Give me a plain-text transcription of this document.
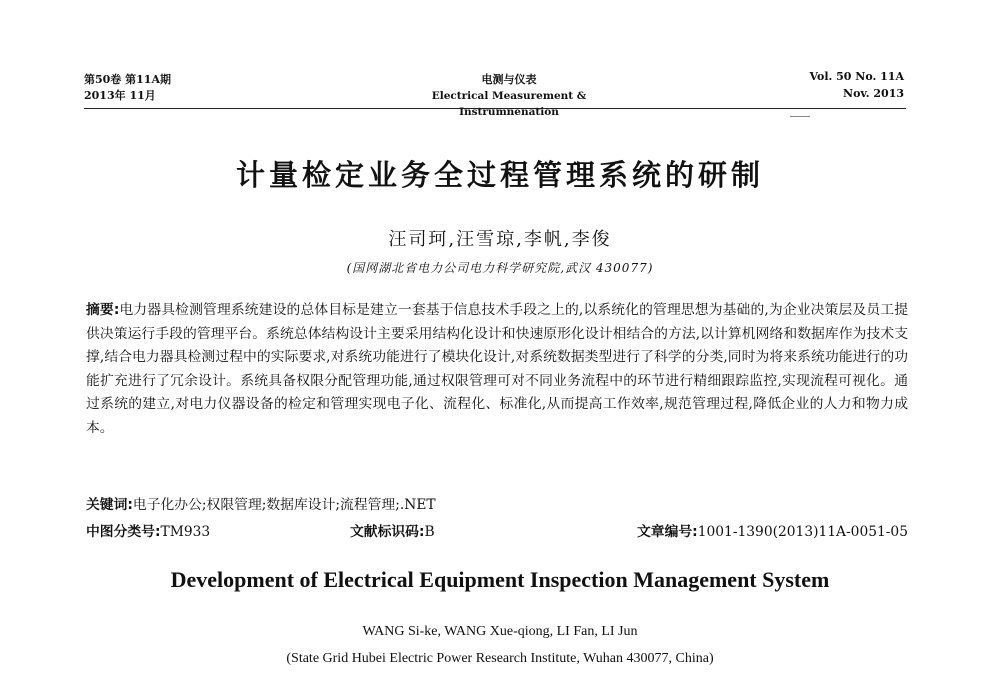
第50卷 第11A期
2013年 11月
电测与仪表
Electrical Measurement & Instrumnenation
Vol. 50 No. 11A
Nov. 2013
计量检定业务全过程管理系统的研制
汪司珂,汪雪琼,李帆,李俊
(国网湖北省电力公司电力科学研究院,武汉 430077)

摘要:电力器具检测管理系统建设的总体目标是建立一套基于信息技术手段之上的,以系统化的管理思想为基础的,为企业决策层及员工提供决策运行手段的管理平台。系统总体结构设计主要采用结构化设计和快速原形化设计相结合的方法,以计算机网络和数据库作为技术支撑,结合电力器具检测过程中的实际要求,对系统功能进行了模块化设计,对系统数据类型进行了科学的分类,同时为将来系统功能进行的功能扩充进行了冗余设计。系统具备权限分配管理功能,通过权限管理可对不同业务流程中的环节进行精细跟踪监控,实现流程可视化。通过系统的建立,对电力仪器设备的检定和管理实现电子化、流程化、标准化,从而提高工作效率,规范管理过程,降低企业的人力和物力成本。

关键词:电子化办公;权限管理;数据库设计;流程管理;.NET
中图分类号:TM933	文献标识码:B	文章编号:1001-1390(2013)11A-0051-05
Development of Electrical Equipment Inspection Management System
WANG Si-ke, WANG Xue-qiong, LI Fan, LI Jun
(State Grid Hubei Electric Power Research Institute, Wuhan 430077, China)
